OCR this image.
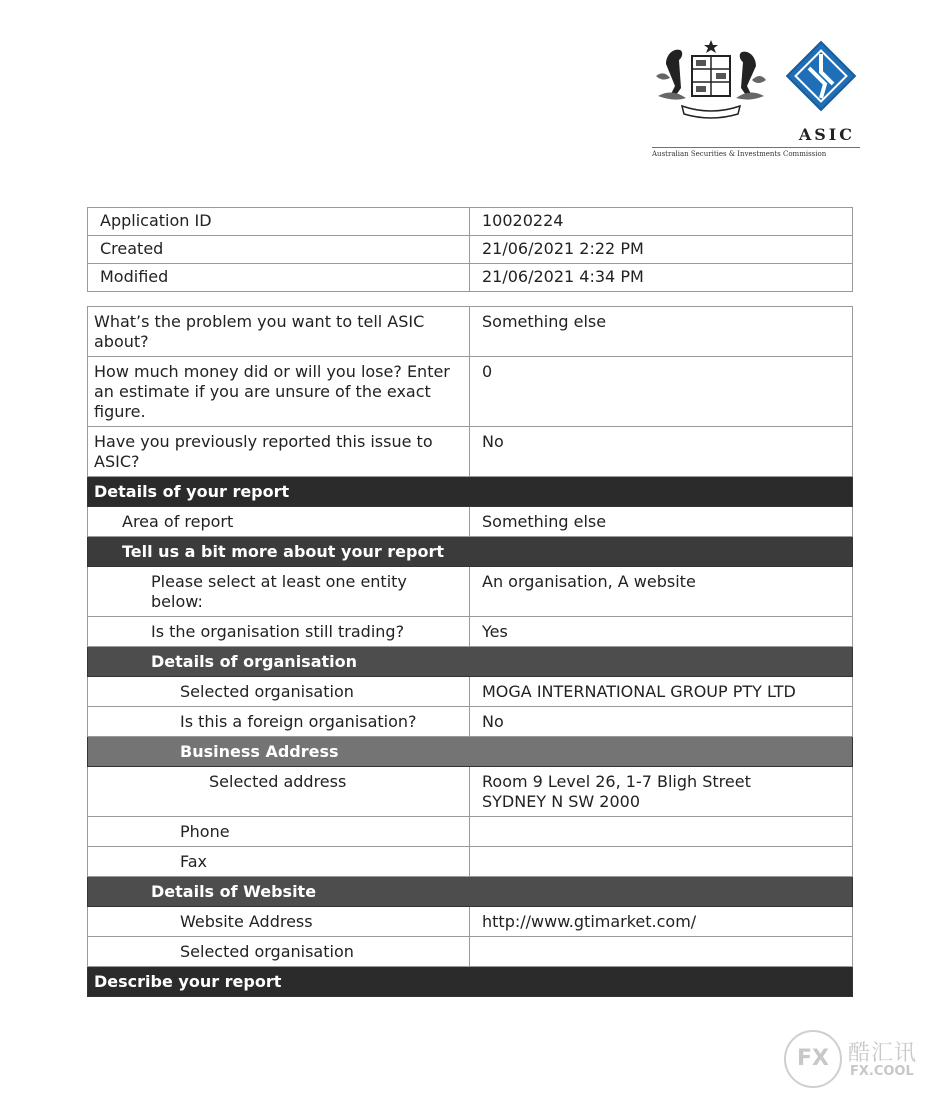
ASIC
Australian Securities & Investments Commission
Application ID	10020224
Created	21/06/2021 2:22 PM
Modified	21/06/2021 4:34 PM
What’s the problem you want to tell ASIC about?	Something else
How much money did or will you lose? Enter an estimate if you are unsure of the exact figure.	0
Have you previously reported this issue to ASIC?	No
Details of your report	
Area of report	Something else
Tell us a bit more about your report	
Please select at least one entity below:	An organisation, A website
Is the organisation still trading?	Yes
Details of organisation	
Selected organisation	MOGA INTERNATIONAL GROUP PTY LTD
Is this a foreign organisation?	No
Business Address	
Selected address	Room 9 Level 26, 1-7 Bligh Street
SYDNEY N SW 2000

Phone	
Fax	
Details of Website	
Website Address	http://www.gtimarket.com/
Selected organisation	
Describe your report	
FX 酷汇讯
FX.COOL
